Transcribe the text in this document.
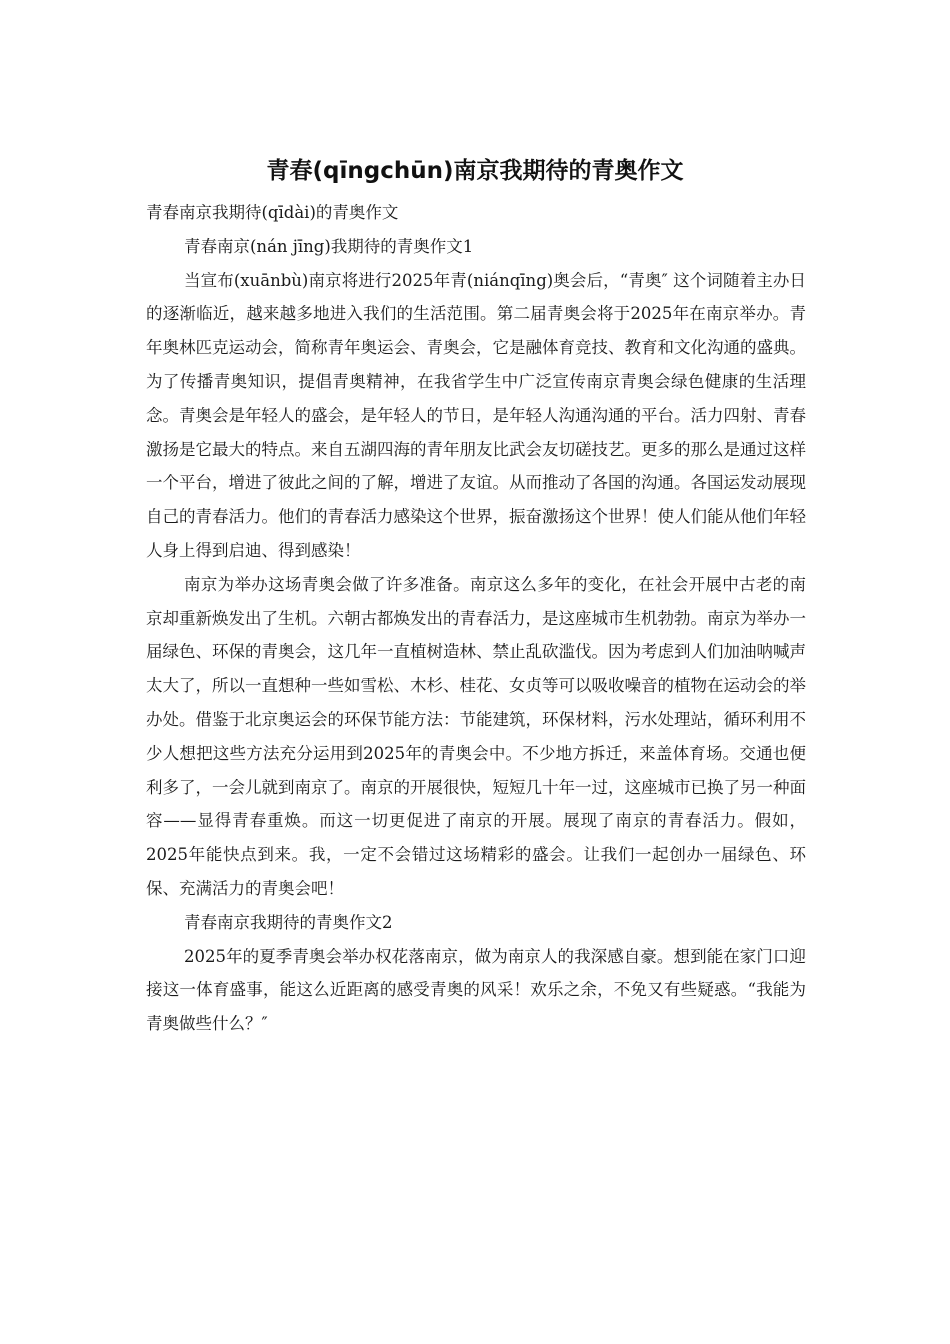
青春(qīngchūn)南京我期待的青奥作文
青春南京我期待(qīdài)的青奥作文
青春南京(nán jīng)我期待的青奥作文1

当宣布(xuānbù)南京将进行2025年青(niánqīng)奥会后，“青奥″ 这个词随着主办日的逐渐临近，越来越多地进入我们的生活范围。第二届青奥会将于2025年在南京举办。青年奥林匹克运动会，简称青年奥运会、青奥会，它是融体育竞技、教育和文化沟通的盛典。为了传播青奥知识，提倡青奥精神，在我省学生中广泛宣传南京青奥会绿色健康的生活理念。青奥会是年轻人的盛会，是年轻人的节日，是年轻人沟通沟通的平台。活力四射、青春激扬是它最大的特点。来自五湖四海的青年朋友比武会友切磋技艺。更多的那么是通过这样一个平台，增进了彼此之间的了解，增进了友谊。从而推动了各国的沟通。各国运发动展现自己的青春活力。他们的青春活力感染这个世界，振奋激扬这个世界！使人们能从他们年轻人身上得到启迪、得到感染！

南京为举办这场青奥会做了许多准备。南京这么多年的变化，在社会开展中古老的南京却重新焕发出了生机。六朝古都焕发出的青春活力，是这座城市生机勃勃。南京为举办一届绿色、环保的青奥会，这几年一直植树造林、禁止乱砍滥伐。因为考虑到人们加油呐喊声太大了，所以一直想种一些如雪松、木杉、桂花、女贞等可以吸收噪音的植物在运动会的举办处。借鉴于北京奥运会的环保节能方法：节能建筑，环保材料，污水处理站，循环利用不少人想把这些方法充分运用到2025年的青奥会中。不少地方拆迁，来盖体育场。交通也便利多了，一会儿就到南京了。南京的开展很快，短短几十年一过，这座城市已换了另一种面容——显得青春重焕。而这一切更促进了南京的开展。展现了南京的青春活力。假如，2025年能快点到来。我，一定不会错过这场精彩的盛会。让我们一起创办一届绿色、环保、充满活力的青奥会吧！

青春南京我期待的青奥作文2

2025年的夏季青奥会举办权花落南京，做为南京人的我深感自豪。想到能在家门口迎接这一体育盛事，能这么近距离的感受青奥的风采！欢乐之余，不免又有些疑惑。“我能为青奥做些什么？″
